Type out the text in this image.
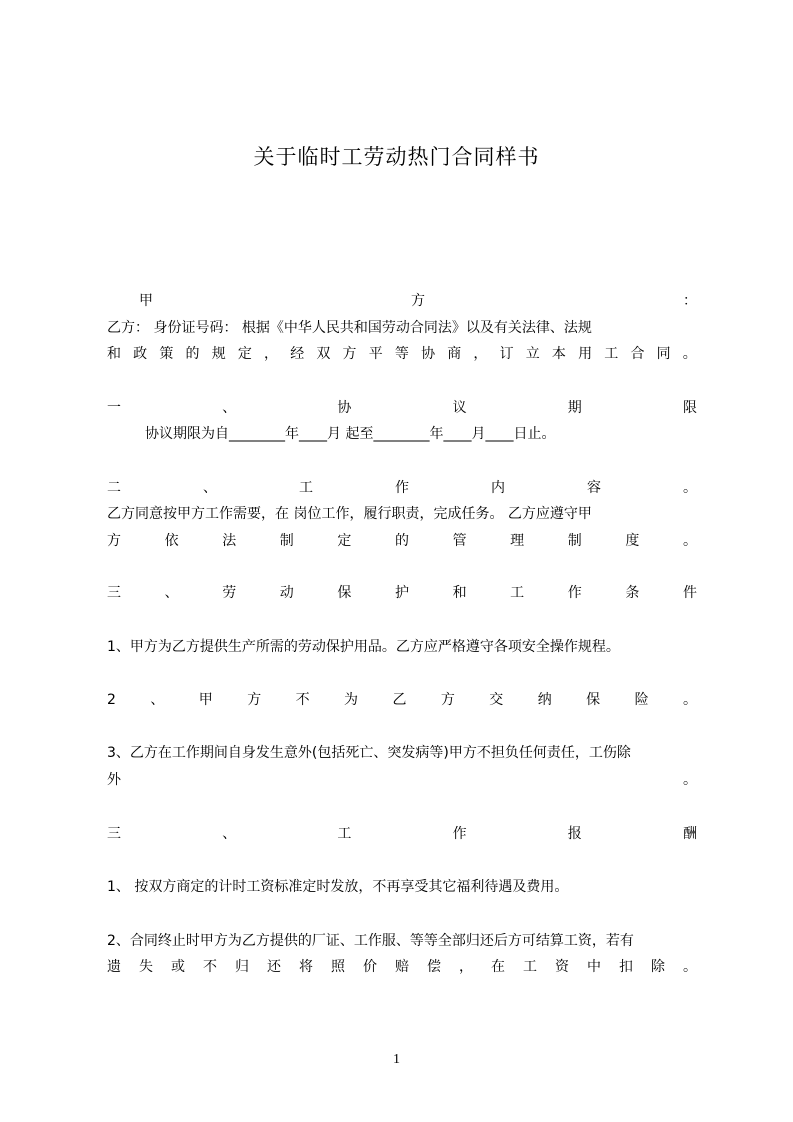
关于临时工劳动热门合同样书
甲	方	：
乙方： 身份证号码： 根据《中华人民共和国劳动合同法》以及有关法律、法规
和 政 策 的 规 定 ， 经 双 方 平 等 协 商 ， 订 立 本 用 工 合 同 。
一	、	协	议	期	限
协议期限为自________年____月 起至________年____月____日止。
二	、	工	作	内	容	。
乙方同意按甲方工作需要，在 岗位工作，履行职责，完成任务。 乙方应遵守甲
方	依	法	制	定	的	管	理	制	度	。
三	、	劳	动	保	护	和	工	作	条	件
1、甲方为乙方提供生产所需的劳动保护用品。乙方应严格遵守各项安全操作规程。
2 、 甲 方 不 为 乙 方 交 纳 保 险 。
3、乙方在工作期间自身发生意外(包括死亡、突发病等)甲方不担负任何责任，工伤除
外	。
三	、	工	作	报	酬
1、 按双方商定的计时工资标准定时发放，不再享受其它福利待遇及费用。
2、合同终止时甲方为乙方提供的厂证、工作服、等等全部归还后方可结算工资，若有
遗 失 或 不 归 还 将 照 价 赔 偿 ， 在 工 资 中 扣 除 。
1
